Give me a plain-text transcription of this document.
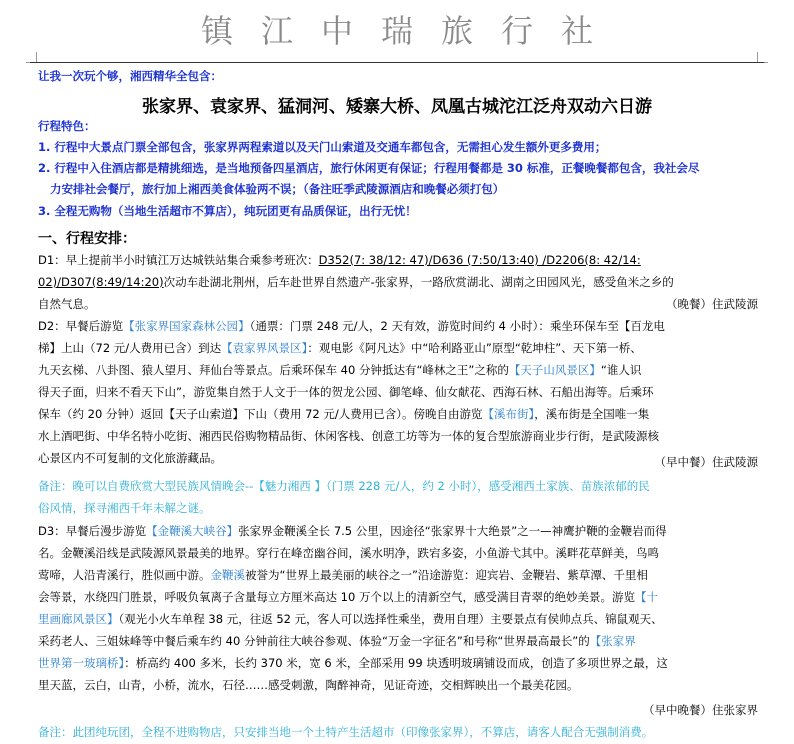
镇江中瑞旅行社
让我一次玩个够，湘西精华全包含：
张家界、袁家界、猛洞河、矮寨大桥、凤凰古城沱江泛舟双动六日游
行程特色：
1. 行程中大景点门票全部包含，张家界两程索道以及天门山索道及交通车都包含，无需担心发生额外更多费用；
2. 行程中入住酒店都是精挑细选，是当地预备四星酒店，旅行休闲更有保证；行程用餐都是 30 标准，正餐晚餐都包含，我社会尽
力安排社会餐厅，旅行加上湘西美食体验两不误；（备注旺季武陵源酒店和晚餐必须打包）
3. 全程无购物（当地生活超市不算店），纯玩团更有品质保证，出行无忧！
一、行程安排：
D1：早上提前半小时镇江万达城铁站集合乘参考班次：D352(7: 38/12: 47)/D636 (7:50/13:40) /D2206(8: 42/14:
02)/D307(8:49/14:20)次动车赴湖北荆州，后车赴世界自然遗产-张家界，一路欣赏湖北、湖南之田园风光，感受鱼米之乡的
自然气息。	（晚餐）住武陵源
D2：早餐后游览【张家界国家森林公园】（通票：门票 248 元/人，2 天有效，游览时间约 4 小时）：乘坐环保车至【百龙电
梯】上山（72 元/人费用已含）到达【袁家界风景区】：观电影《阿凡达》中“哈利路亚山”原型“乾坤柱”、天下第一桥、
九天玄梯、八卦图、猿人望月、拜仙台等景点。后乘环保车 40 分钟抵达有“峰林之王”之称的【天子山风景区】“谁人识
得天子面，归来不看天下山”，游览集自然于人文于一体的贺龙公园、御笔峰、仙女献花、西海石林、石船出海等。后乘环
保车（约 20 分钟）返回【天子山索道】下山（费用 72 元/人费用已含）。傍晚自由游览【溪布街】，溪布街是全国唯一集
水上酒吧街、中华名特小吃街、湘西民俗购物精品街、休闲客栈、创意工坊等为一体的复合型旅游商业步行街，是武陵源核
心景区内不可复制的文化旅游藏品。	（早中餐）住武陵源
备注：晚可以自费欣赏大型民族风情晚会--【魅力湘西 】（门票 228 元/人，约 2 小时），感受湘西土家族、苗族浓郁的民
俗风情，探寻湘西千年未解之谜。
D3：早餐后漫步游览【金鞭溪大峡谷】张家界金鞭溪全长 7.5 公里，因途径“张家界十大绝景”之一—神鹰护鞭的金鞭岩而得
名。金鞭溪沿线是武陵源风景最美的地界。穿行在峰峦幽谷间，溪水明净，跌宕多姿，小鱼游弋其中。溪畔花草鲜美，鸟鸣
莺啼，人沿青溪行，胜似画中游。金鞭溪被誉为“世界上最美丽的峡谷之一”沿途游览：迎宾岩、金鞭岩、紫草潭、千里相
会等景，水绕四门胜景，呼吸负氧离子含量每立方厘米高达 10 万个以上的清新空气，感受满目青翠的绝妙美景。游览【十
里画廊风景区】（观光小火车单程 38 元，往返 52 元，客人可以选择性乘坐，费用自理）主要景点有侯帅点兵、锦鼠观天、
采药老人、三姐妹峰等中餐后乘车约 40 分钟前往大峡谷参观、体验“万金一字征名”和号称“世界最高最长”的【张家界
世界第一玻璃桥】：桥高约 400 多米，长约 370 米，宽 6 米，全部采用 99 块透明玻璃铺设而成，创造了多项世界之最，这
里天蓝，云白，山青，小桥，流水，石径……感受刺激，陶醉神奇，见证奇迹，交相辉映出一个最美花园。
（早中晚餐）住张家界
备注：此团纯玩团，全程不进购物店，只安排当地一个土特产生活超市（印像张家界），不算店，请客人配合无强制消费。
